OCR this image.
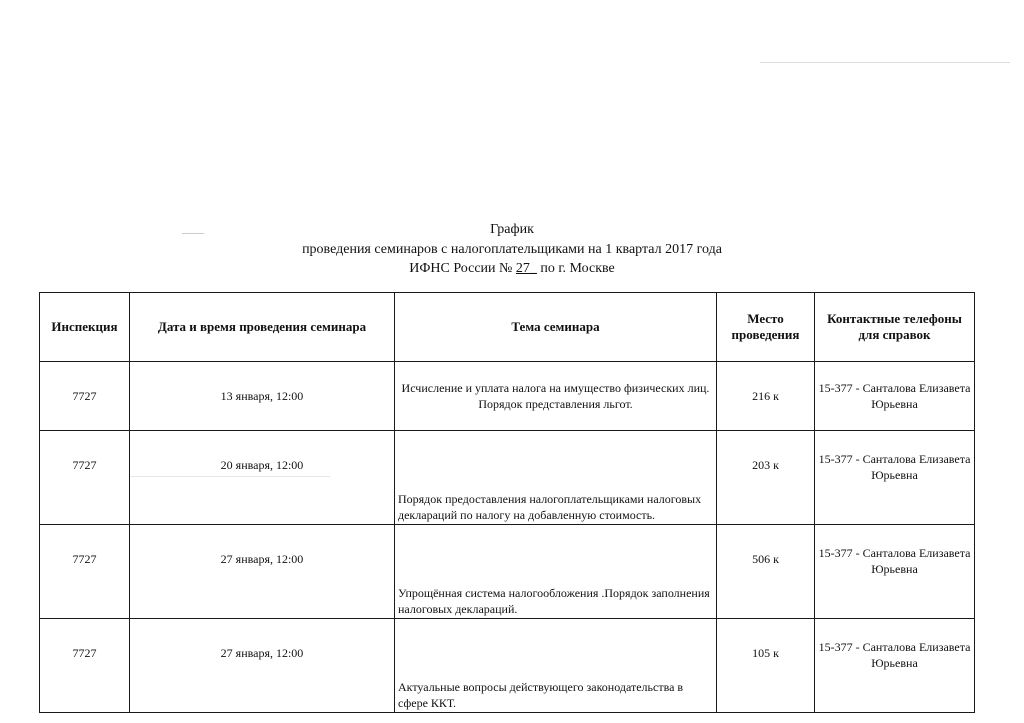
График
проведения семинаров с налогоплательщиками на 1 квартал 2017 года
ИФНС России № 27_ по г. Москве
Инспекция	Дата и время проведения семинара	Тема семинара	Место проведения	Контактные телефоны для справок
7727	13 января, 12:00	Исчисление и уплата налога на имущество физических лиц. Порядок представления льгот.	216 к	15-377 - Санталова Елизавета Юрьевна
7727	20 января, 12:00	Порядок предоставления налогоплательщиками налоговых деклараций по налогу на добавленную стоимость.	203 к	15-377 - Санталова Елизавета Юрьевна
7727	27 января, 12:00	Упрощённая система налогообложения .Порядок заполнения налоговых деклараций.	506 к	15-377 - Санталова Елизавета Юрьевна
7727	27 января, 12:00	Актуальные вопросы действующего законодательства в сфере ККТ.	105 к	15-377 - Санталова Елизавета Юрьевна
